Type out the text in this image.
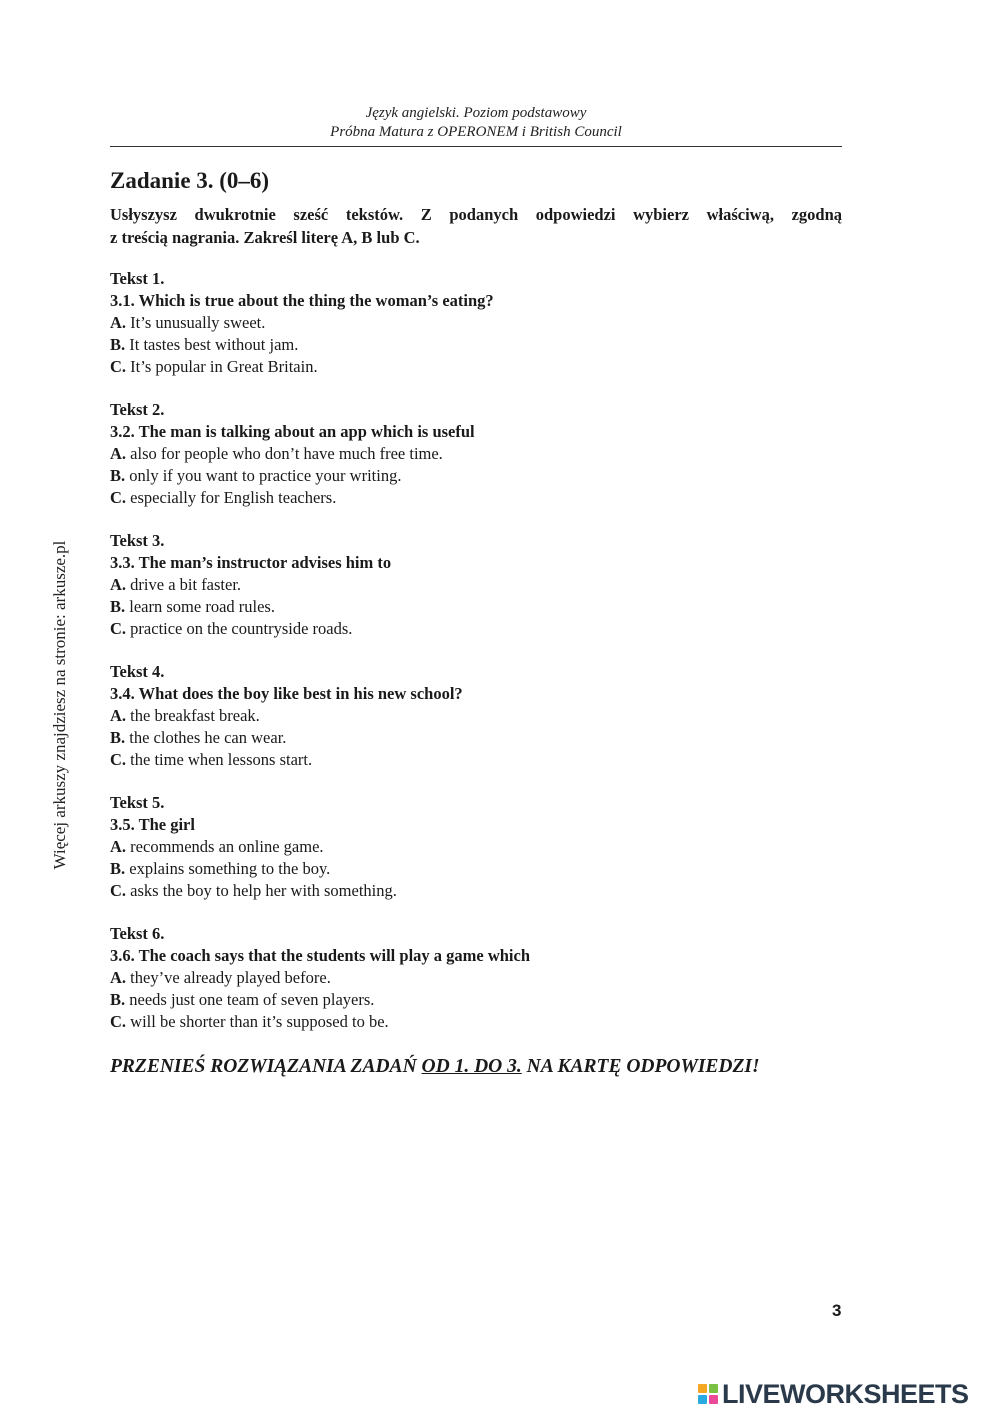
Język angielski. Poziom podstawowy
Próbna Matura z OPERONEM i British Council
Zadanie 3. (0–6)
Usłyszysz dwukrotnie sześć tekstów. Z podanych odpowiedzi wybierz właściwą, zgodną
z treścią nagrania. Zakreśl literę A, B lub C.
Tekst 1.
3.1. Which is true about the thing the woman’s eating?
A. It’s unusually sweet.
B. It tastes best without jam.
C. It’s popular in Great Britain.
Tekst 2.
3.2. The man is talking about an app which is useful
A. also for people who don’t have much free time.
B. only if you want to practice your writing.
C. especially for English teachers.
Tekst 3.
3.3. The man’s instructor advises him to
A. drive a bit faster.
B. learn some road rules.
C. practice on the countryside roads.
Tekst 4.
3.4. What does the boy like best in his new school?
A. the breakfast break.
B. the clothes he can wear.
C. the time when lessons start.
Tekst 5.
3.5. The girl
A. recommends an online game.
B. explains something to the boy.
C. asks the boy to help her with something.
Tekst 6.
3.6. The coach says that the students will play a game which
A. they’ve already played before.
B. needs just one team of seven players.
C. will be shorter than it’s supposed to be.
PRZENIEŚ ROZWIĄZANIA ZADAŃ OD 1. DO 3. NA KARTĘ ODPOWIEDZI!
3
Więcej arkuszy znajdziesz na stronie: arkusze.pl
LIVEWORKSHEETS
